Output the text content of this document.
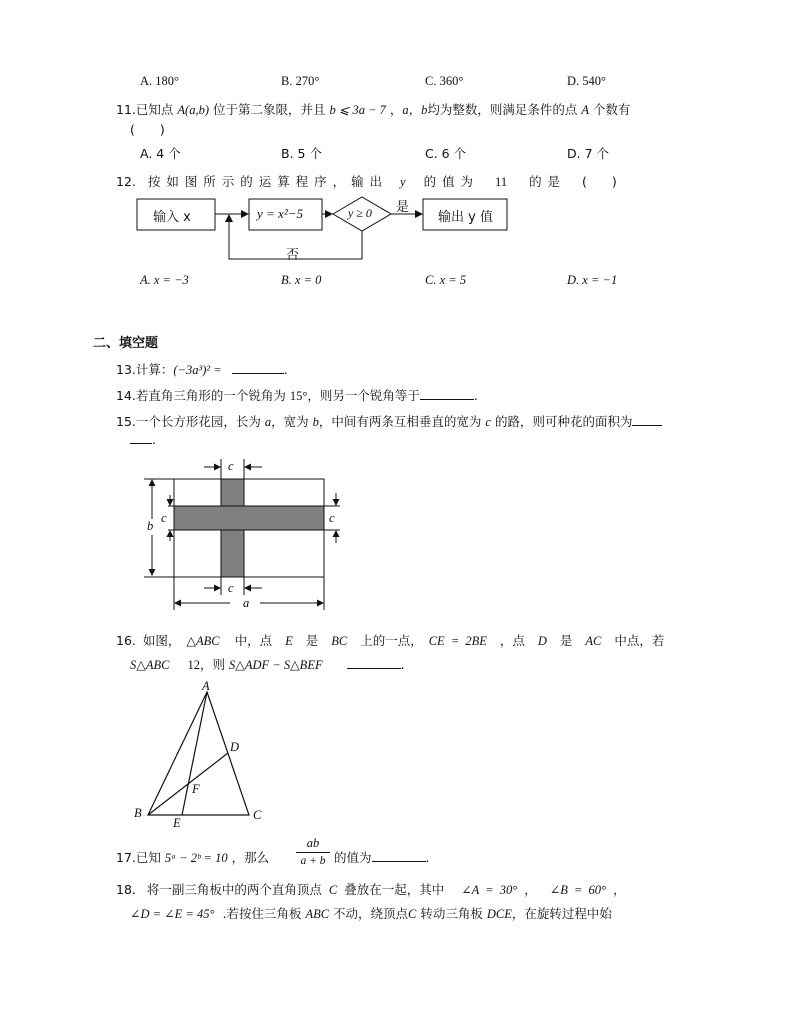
A. 180°	B. 270°	C. 360°	D. 540°
11.已知点 A(a,b) 位于第二象限，并且 b ⩽ 3a − 7 ，a，b均为整数，则满足条件的点 A 个数有
(　　)
A. 4 个	B. 5 个	C. 6 个	D. 7 个
12. 按 如 图 所 示 的 运 算 程 序 ， 输 出 y 的 值 为 11 的 是 (　　)
输入 x	y = x²−5	y ≥ 0 是
输出 y 值
否
A. x = −3	B. x = 0	C. x = 5	D. x = −1
二、填空题
13.计算：(−3a³)² =	.
14.若直角三角形的一个锐角为 15°，则另一个锐角等于	.
15.一个长方形花园，长为 a，宽为 b，中间有两条互相垂直的宽为 c 的路，则可种花的面积为
.
c
c	c
c
b
a
16. 如图， △ABC 中，点 E 是 BC 上的一点， CE = 2BE ，点 D 是 AC 中点，若
S△ABC 12，则 S△ADF − S△BEF	.
A
B	C
D
E
F
17.已知 5ᵃ − 2ᵇ = 10 ，那么
ab
a + b 的值为	.
18. 将一副三角板中的两个直角顶点 C 叠放在一起，其中 ∠A = 30° ， ∠B = 60° ，
∠D = ∠E = 45° .若按住三角板 ABC 不动，绕顶点C 转动三角板 DCE，在旋转过程中始
